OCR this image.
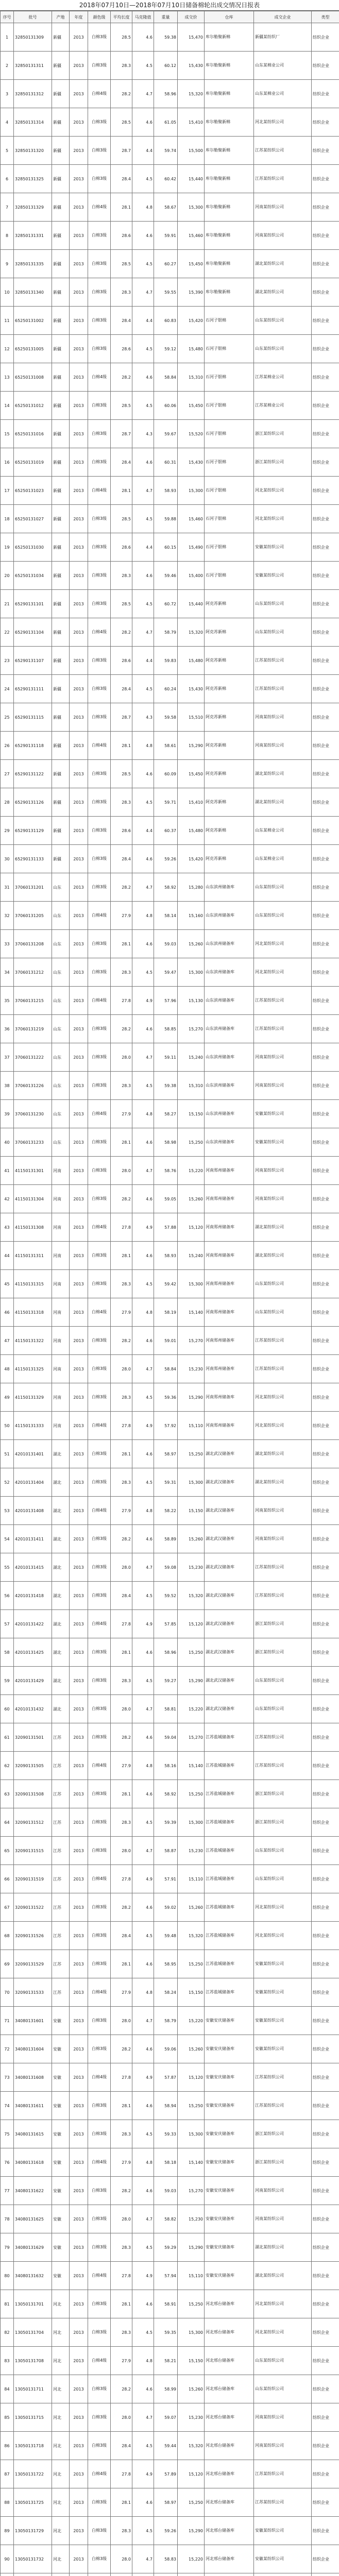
2018年07月10日—2018年07月10日储备棉轮出成交情况日报表
序号	批号	产地	年度	颜色级	平均长度	马克隆值	重量	成交价	仓库	成交企业	类型
1	32850131309	新疆	2013	白棉3级	28.5	4.6	59.38	15,470	库尔勒聚新棉	新疆某纺织厂	纺织企业
2	32850131311	新疆	2013	白棉3级	28.3	4.5	60.12	15,430	库尔勒聚新棉	山东某棉业公司	纺织企业
3	32850131312	新疆	2013	白棉4级	28.2	4.7	58.96	15,320	库尔勒聚新棉	山东某棉业公司	纺织企业
4	32850131314	新疆	2013	白棉3级	28.5	4.6	61.05	15,410	库尔勒聚新棉	河北某纺织公司	纺织企业
5	32850131320	新疆	2013	白棉3级	28.7	4.4	59.74	15,500	库尔勒聚新棉	江苏某纺织公司	纺织企业
6	32850131325	新疆	2013	白棉3级	28.4	4.5	60.42	15,440	库尔勒聚新棉	江苏某纺织公司	纺织企业
7	32850131329	新疆	2013	白棉4级	28.1	4.8	58.67	15,300	库尔勒聚新棉	河南某纺织公司	纺织企业
8	32850131331	新疆	2013	白棉3级	28.6	4.6	59.91	15,460	库尔勒聚新棉	河南某纺织公司	纺织企业
9	32850131335	新疆	2013	白棉3级	28.5	4.5	60.27	15,450	库尔勒聚新棉	湖北某纺织公司	纺织企业
10	32850131340	新疆	2013	白棉3级	28.3	4.7	59.55	15,390	库尔勒聚新棉	湖北某纺织公司	纺织企业
11	65250131002	新疆	2013	白棉3级	28.4	4.4	60.83	15,420	石河子银棉	山东某纺织公司	纺织企业
12	65250131005	新疆	2013	白棉3级	28.6	4.5	59.12	15,480	石河子银棉	山东某纺织公司	纺织企业
13	65250131008	新疆	2013	白棉4级	28.2	4.6	58.84	15,310	石河子银棉	江苏某棉业公司	纺织企业
14	65250131012	新疆	2013	白棉3级	28.5	4.5	60.06	15,450	石河子银棉	江苏某棉业公司	纺织企业
15	65250131016	新疆	2013	白棉3级	28.7	4.3	59.67	15,520	石河子银棉	浙江某纺织公司	纺织企业
16	65250131019	新疆	2013	白棉3级	28.4	4.6	60.31	15,430	石河子银棉	浙江某纺织公司	纺织企业
17	65250131023	新疆	2013	白棉4级	28.1	4.7	58.93	15,300	石河子银棉	河北某纺织公司	纺织企业
18	65250131027	新疆	2013	白棉3级	28.5	4.5	59.88	15,460	石河子银棉	河北某纺织公司	纺织企业
19	65250131030	新疆	2013	白棉3级	28.6	4.4	60.15	15,490	石河子银棉	安徽某纺织公司	纺织企业
20	65250131034	新疆	2013	白棉3级	28.3	4.6	59.46	15,400	石河子银棉	安徽某纺织公司	纺织企业
21	65290131101	新疆	2013	白棉3级	28.5	4.5	60.72	15,440	阿克苏新棉	山东某纺织公司	纺织企业
22	65290131104	新疆	2013	白棉4级	28.2	4.7	58.79	15,320	阿克苏新棉	山东某纺织公司	纺织企业
23	65290131107	新疆	2013	白棉3级	28.6	4.4	59.83	15,480	阿克苏新棉	江苏某纺织公司	纺织企业
24	65290131111	新疆	2013	白棉3级	28.4	4.5	60.24	15,430	阿克苏新棉	江苏某纺织公司	纺织企业
25	65290131115	新疆	2013	白棉3级	28.7	4.3	59.58	15,510	阿克苏新棉	河南某纺织公司	纺织企业
26	65290131118	新疆	2013	白棉4级	28.1	4.8	58.61	15,290	阿克苏新棉	河南某纺织公司	纺织企业
27	65290131122	新疆	2013	白棉3级	28.5	4.6	60.09	15,450	阿克苏新棉	湖北某纺织公司	纺织企业
28	65290131126	新疆	2013	白棉3级	28.3	4.5	59.71	15,410	阿克苏新棉	湖北某纺织公司	纺织企业
29	65290131129	新疆	2013	白棉3级	28.6	4.4	60.37	15,480	阿克苏新棉	山东某棉业公司	纺织企业
30	65290131133	新疆	2013	白棉3级	28.4	4.6	59.26	15,420	阿克苏新棉	山东某棉业公司	纺织企业
31	37060131201	山东	2013	白棉3级	28.2	4.7	58.92	15,280	山东滨州储备库	山东某纺织公司	纺织企业
32	37060131205	山东	2013	白棉4级	27.9	4.8	58.14	15,160	山东滨州储备库	山东某纺织公司	纺织企业
33	37060131208	山东	2013	白棉3级	28.1	4.6	59.03	15,260	山东滨州储备库	河北某纺织公司	纺织企业
34	37060131212	山东	2013	白棉3级	28.3	4.5	59.47	15,300	山东滨州储备库	河北某纺织公司	纺织企业
35	37060131215	山东	2013	白棉4级	27.8	4.9	57.96	15,130	山东滨州储备库	江苏某纺织公司	纺织企业
36	37060131219	山东	2013	白棉3级	28.2	4.6	58.85	15,270	山东滨州储备库	江苏某纺织公司	纺织企业
37	37060131222	山东	2013	白棉3级	28.0	4.7	59.11	15,240	山东滨州储备库	河南某纺织公司	纺织企业
38	37060131226	山东	2013	白棉3级	28.3	4.5	59.38	15,310	山东滨州储备库	河南某纺织公司	纺织企业
39	37060131230	山东	2013	白棉4级	27.9	4.8	58.27	15,150	山东滨州储备库	安徽某纺织公司	纺织企业
40	37060131233	山东	2013	白棉3级	28.1	4.6	58.98	15,250	山东滨州储备库	安徽某纺织公司	纺织企业
41	41150131301	河南	2013	白棉3级	28.0	4.7	58.76	15,220	河南郑州储备库	河南某纺织公司	纺织企业
42	41150131304	河南	2013	白棉3级	28.2	4.6	59.05	15,260	河南郑州储备库	河南某纺织公司	纺织企业
43	41150131308	河南	2013	白棉4级	27.8	4.9	57.88	15,120	河南郑州储备库	湖北某纺织公司	纺织企业
44	41150131311	河南	2013	白棉3级	28.1	4.6	58.93	15,240	河南郑州储备库	湖北某纺织公司	纺织企业
45	41150131315	河南	2013	白棉3级	28.3	4.5	59.42	15,300	河南郑州储备库	山东某纺织公司	纺织企业
46	41150131318	河南	2013	白棉4级	27.9	4.8	58.19	15,140	河南郑州储备库	山东某纺织公司	纺织企业
47	41150131322	河南	2013	白棉3级	28.2	4.6	59.01	15,270	河南郑州储备库	江苏某纺织公司	纺织企业
48	41150131325	河南	2013	白棉3级	28.0	4.7	58.84	15,230	河南郑州储备库	江苏某纺织公司	纺织企业
49	41150131329	河南	2013	白棉3级	28.3	4.5	59.36	15,290	河南郑州储备库	河北某纺织公司	纺织企业
50	41150131333	河南	2013	白棉4级	27.8	4.9	57.92	15,110	河南郑州储备库	河北某纺织公司	纺织企业
51	42010131401	湖北	2013	白棉3级	28.1	4.6	58.97	15,250	湖北武汉储备库	湖北某纺织公司	纺织企业
52	42010131404	湖北	2013	白棉3级	28.3	4.5	59.31	15,300	湖北武汉储备库	湖北某纺织公司	纺织企业
53	42010131408	湖北	2013	白棉4级	27.9	4.8	58.22	15,150	湖北武汉储备库	河南某纺织公司	纺织企业
54	42010131411	湖北	2013	白棉3级	28.2	4.6	58.89	15,260	湖北武汉储备库	河南某纺织公司	纺织企业
55	42010131415	湖北	2013	白棉3级	28.0	4.7	59.08	15,230	湖北武汉储备库	江苏某纺织公司	纺织企业
56	42010131418	湖北	2013	白棉3级	28.4	4.5	59.52	15,320	湖北武汉储备库	江苏某纺织公司	纺织企业
57	42010131422	湖北	2013	白棉4级	27.8	4.9	57.85	15,120	湖北武汉储备库	浙江某纺织公司	纺织企业
58	42010131425	湖北	2013	白棉3级	28.1	4.6	58.96	15,250	湖北武汉储备库	浙江某纺织公司	纺织企业
59	42010131429	湖北	2013	白棉3级	28.3	4.5	59.27	15,290	湖北武汉储备库	山东某纺织公司	纺织企业
60	42010131432	湖北	2013	白棉3级	28.0	4.7	58.81	15,220	湖北武汉储备库	山东某纺织公司	纺织企业
61	32090131501	江苏	2013	白棉3级	28.2	4.6	59.04	15,270	江苏盐城储备库	江苏某纺织公司	纺织企业
62	32090131505	江苏	2013	白棉4级	27.9	4.8	58.16	15,140	江苏盐城储备库	江苏某纺织公司	纺织企业
63	32090131508	江苏	2013	白棉3级	28.1	4.6	58.92	15,250	江苏盐城储备库	浙江某纺织公司	纺织企业
64	32090131512	江苏	2013	白棉3级	28.3	4.5	59.39	15,300	江苏盐城储备库	浙江某纺织公司	纺织企业
65	32090131515	江苏	2013	白棉3级	28.0	4.7	58.87	15,230	江苏盐城储备库	山东某纺织公司	纺织企业
66	32090131519	江苏	2013	白棉4级	27.8	4.9	57.91	15,110	江苏盐城储备库	山东某纺织公司	纺织企业
67	32090131522	江苏	2013	白棉3级	28.2	4.6	59.02	15,260	江苏盐城储备库	河北某纺织公司	纺织企业
68	32090131526	江苏	2013	白棉3级	28.4	4.5	59.48	15,320	江苏盐城储备库	河北某纺织公司	纺织企业
69	32090131529	江苏	2013	白棉3级	28.1	4.6	58.95	15,250	江苏盐城储备库	安徽某纺织公司	纺织企业
70	32090131533	江苏	2013	白棉4级	27.9	4.8	58.24	15,150	江苏盐城储备库	安徽某纺织公司	纺织企业
71	34080131601	安徽	2013	白棉3级	28.0	4.7	58.79	15,220	安徽安庆储备库	安徽某纺织公司	纺织企业
72	34080131604	安徽	2013	白棉3级	28.2	4.6	59.06	15,260	安徽安庆储备库	安徽某纺织公司	纺织企业
73	34080131608	安徽	2013	白棉4级	27.8	4.9	57.87	15,120	安徽安庆储备库	江苏某纺织公司	纺织企业
74	34080131611	安徽	2013	白棉3级	28.1	4.6	58.94	15,250	安徽安庆储备库	江苏某纺织公司	纺织企业
75	34080131615	安徽	2013	白棉3级	28.3	4.5	59.33	15,300	安徽安庆储备库	浙江某纺织公司	纺织企业
76	34080131618	安徽	2013	白棉4级	27.9	4.8	58.18	15,140	安徽安庆储备库	浙江某纺织公司	纺织企业
77	34080131622	安徽	2013	白棉3级	28.2	4.6	59.03	15,270	安徽安庆储备库	河南某纺织公司	纺织企业
78	34080131625	安徽	2013	白棉3级	28.0	4.7	58.82	15,230	安徽安庆储备库	河南某纺织公司	纺织企业
79	34080131629	安徽	2013	白棉3级	28.3	4.5	59.29	15,290	安徽安庆储备库	湖北某纺织公司	纺织企业
80	34080131632	安徽	2013	白棉4级	27.8	4.9	57.94	15,110	安徽安庆储备库	湖北某纺织公司	纺织企业
81	13050131701	河北	2013	白棉3级	28.1	4.6	58.91	15,250	河北邢台储备库	河北某纺织公司	纺织企业
82	13050131704	河北	2013	白棉3级	28.3	4.5	59.35	15,300	河北邢台储备库	河北某纺织公司	纺织企业
83	13050131708	河北	2013	白棉4级	27.9	4.8	58.21	15,150	河北邢台储备库	山东某纺织公司	纺织企业
84	13050131711	河北	2013	白棉3级	28.2	4.6	58.99	15,260	河北邢台储备库	山东某纺织公司	纺织企业
85	13050131715	河北	2013	白棉3级	28.0	4.7	59.07	15,230	河北邢台储备库	河南某纺织公司	纺织企业
86	13050131718	河北	2013	白棉3级	28.4	4.5	59.44	15,320	河北邢台储备库	河南某纺织公司	纺织企业
87	13050131722	河北	2013	白棉4级	27.8	4.9	57.89	15,120	河北邢台储备库	江苏某纺织公司	纺织企业
88	13050131725	河北	2013	白棉3级	28.1	4.6	58.97	15,250	河北邢台储备库	江苏某纺织公司	纺织企业
89	13050131729	河北	2013	白棉3级	28.3	4.5	59.26	15,290	河北邢台储备库	安徽某纺织公司	纺织企业
90	13050131732	河北	2013	白棉3级	28.0	4.7	58.83	15,220	河北邢台储备库	安徽某纺织公司	纺织企业
